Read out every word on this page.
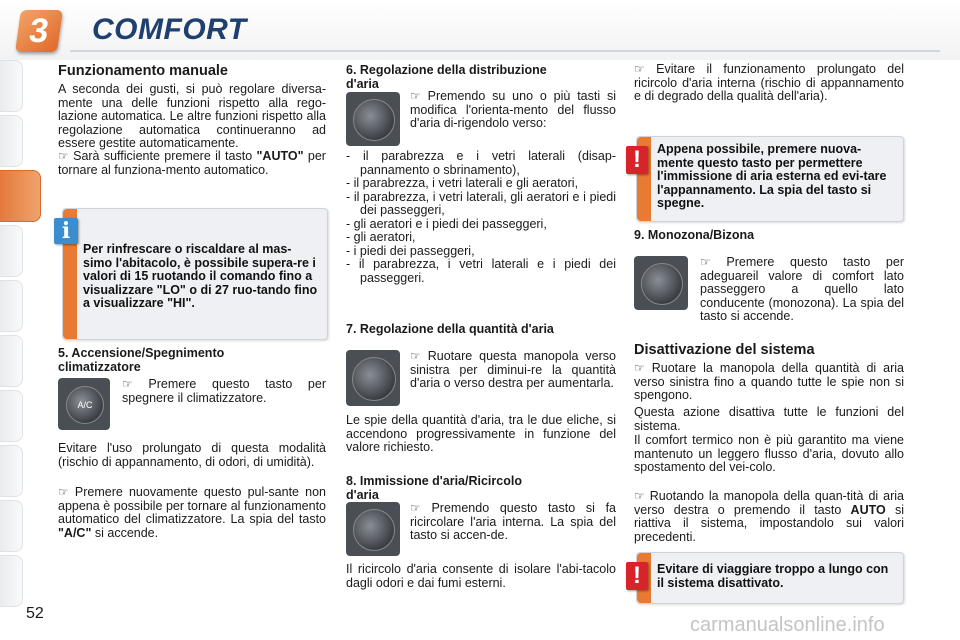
3	COMFORT
Funzionamento manuale

A seconda dei gusti, si può regolare diversa-mente una delle funzioni rispetto alla rego-lazione automatica. Le altre funzioni rispetto alla regolazione automatica continueranno ad essere gestite automaticamente.

☞ Sarà sufficiente premere il tasto "AUTO" per tornare al funziona-mento automatico.
Per rinfrescare o riscaldare al mas-simo l'abitacolo, è possibile supera-re i valori di 15 ruotando il comando fino a visualizzare "LO" o di 27 ruo-tando fino a visualizzare "HI".
i
5. Accensione/Spegnimento
climatizzatore
A/C
☞ Premere questo tasto per spegnere il climatizzatore.

Evitare l'uso prolungato di questa modalità (rischio di appannamento, di odori, di umidità).

☞ Premere nuovamente questo pul-sante non appena è possibile per tornare al funzionamento automatico del climatizzatore. La spia del tasto "A/C" si accende.
6. Regolazione della distribuzione
d'aria
☞ Premendo su uno o più tasti si modifica l'orienta-mento del flusso d'aria di-rigendolo verso:
- il parabrezza e i vetri laterali (disap-pannamento o sbrinamento),
- il parabrezza, i vetri laterali e gli aeratori,
- il parabrezza, i vetri laterali, gli aeratori e i piedi dei passeggeri,
- gli aeratori e i piedi dei passeggeri,
- gli aeratori,
- i piedi dei passeggeri,
- il parabrezza, i vetri laterali e i piedi dei passeggeri.
7. Regolazione della quantità d'aria
☞ Ruotare questa manopola verso sinistra per diminui-re la quantità d'aria o verso destra per aumentarla.

Le spie della quantità d'aria, tra le due eliche, si accendono progressivamente in funzione del valore richiesto.

8. Immissione d'aria/Ricircolo
d'aria
☞ Premendo questo tasto si fa ricircolare l'aria interna. La spia del tasto si accen-de.

Il ricircolo d'aria consente di isolare l'abi-tacolo dagli odori e dai fumi esterni.

☞ Evitare il funzionamento prolungato del ricircolo d'aria interna (rischio di appannamento e di degrado della qualità dell'aria).
Appena possibile, premere nuova-mente questo tasto per permettere l'immissione di aria esterna ed evi-tare l'appannamento. La spia del tasto si spegne.
!
9. Monozona/Bizona
☞ Premere questo tasto per adeguareil valore di comfort lato passeggero a quello lato conducente (monozona). La spia del tasto si accende.
Disattivazione del sistema
☞ Ruotare la manopola della quantità di aria verso sinistra fino a quando tutte le spie non si spengono.

Questa azione disattiva tutte le funzioni del sistema.

Il comfort termico non è più garantito ma viene mantenuto un leggero flusso d'aria, dovuto allo spostamento del vei-colo.

☞ Ruotando la manopola della quan-tità di aria verso destra o premendo il tasto AUTO si riattiva il sistema, impostandolo sui valori precedenti.
Evitare di viaggiare troppo a lungo con il sistema disattivato.
!
52
carmanualsonline.info
